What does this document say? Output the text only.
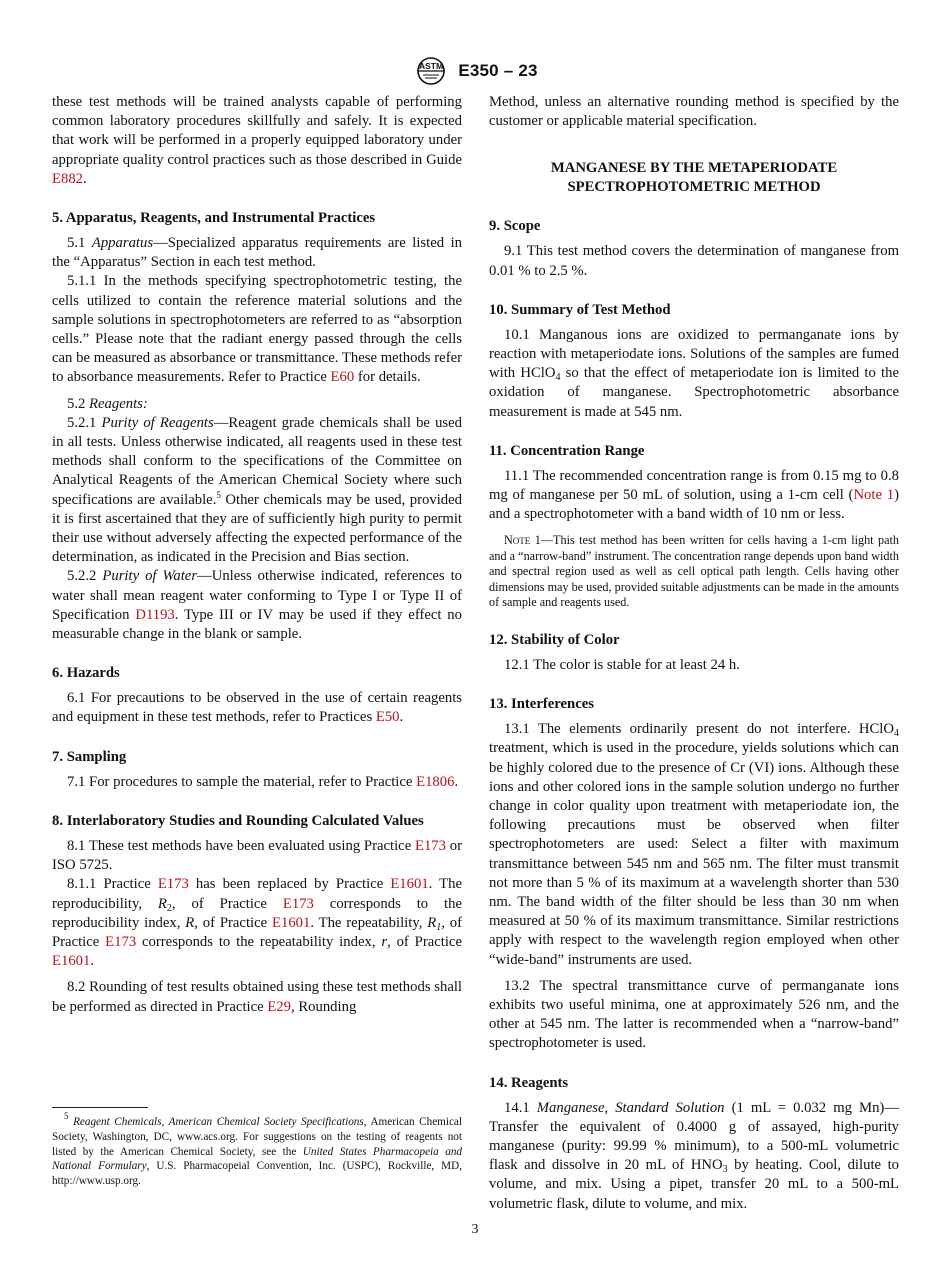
ASTM E350 – 23

these test methods will be trained analysts capable of performing common laboratory procedures skillfully and safely. It is expected that work will be performed in a properly equipped laboratory under appropriate quality control practices such as those described in Guide E882.

5. Apparatus, Reagents, and Instrumental Practices

5.1 Apparatus—Specialized apparatus requirements are listed in the “Apparatus” Section in each test method.

5.1.1 In the methods specifying spectrophotometric testing, the cells utilized to contain the reference material solutions and the sample solutions in spectrophotometers are referred to as “absorption cells.” Please note that the radiant energy passed through the cells can be measured as absorbance or transmittance. These methods refer to absorbance measurements. Refer to Practice E60 for details.

5.2 Reagents:

5.2.1 Purity of Reagents—Reagent grade chemicals shall be used in all tests. Unless otherwise indicated, all reagents used in these test methods shall conform to the specifications of the Committee on Analytical Reagents of the American Chemical Society where such specifications are available.$^5$ Other chemicals may be used, provided it is first ascertained that they are of sufficiently high purity to permit their use without adversely affecting the expected performance of the determination, as indicated in the Precision and Bias section.

5.2.2 Purity of Water—Unless otherwise indicated, references to water shall mean reagent water conforming to Type I or Type II of Specification D1193. Type III or IV may be used if they effect no measurable change in the blank or sample.

6. Hazards

6.1 For precautions to be observed in the use of certain reagents and equipment in these test methods, refer to Practices E50.

7. Sampling

7.1 For procedures to sample the material, refer to Practice E1806.

8. Interlaboratory Studies and Rounding Calculated Values

8.1 These test methods have been evaluated using Practice E173 or ISO 5725.

8.1.1 Practice E173 has been replaced by Practice E1601. The reproducibility, $R_2$, of Practice E173 corresponds to the reproducibility index, R, of Practice E1601. The repeatability, $R_1$, of Practice E173 corresponds to the repeatability index, r, of Practice E1601.

8.2 Rounding of test results obtained using these test methods shall be performed as directed in Practice E29, Rounding

Method, unless an alternative rounding method is specified by the customer or applicable material specification.

MANGANESE BY THE METAPERIODATE
SPECTROPHOTOMETRIC METHOD
9. Scope

9.1 This test method covers the determination of manganese from 0.01 % to 2.5 %.

10. Summary of Test Method

10.1 Manganous ions are oxidized to permanganate ions by reaction with metaperiodate ions. Solutions of the samples are fumed with HClO$_4$ so that the effect of metaperiodate ion is limited to the oxidation of manganese. Spectrophotometric absorbance measurement is made at 545 nm.

11. Concentration Range

11.1 The recommended concentration range is from 0.15 mg to 0.8 mg of manganese per 50 mL of solution, using a 1-cm cell (Note 1) and a spectrophotometer with a band width of 10 nm or less.

Note 1—This test method has been written for cells having a 1-cm light path and a “narrow-band” instrument. The concentration range depends upon band width and spectral region used as well as cell optical path length. Cells having other dimensions may be used, provided suitable adjustments can be made in the amounts of sample and reagents used.

12. Stability of Color

12.1 The color is stable for at least 24 h.

13. Interferences

13.1 The elements ordinarily present do not interfere. HClO$_4$ treatment, which is used in the procedure, yields solutions which can be highly colored due to the presence of Cr (VI) ions. Although these ions and other colored ions in the sample solution undergo no further change in color quality upon treatment with metaperiodate ion, the following precautions must be observed when filter spectrophotometers are used: Select a filter with maximum transmittance between 545 nm and 565 nm. The filter must transmit not more than 5 % of its maximum at a wavelength shorter than 530 nm. The band width of the filter should be less than 30 nm when measured at 50 % of its maximum transmittance. Similar restrictions apply with respect to the wavelength region employed when other “wide-band” instruments are used.

13.2 The spectral transmittance curve of permanganate ions exhibits two useful minima, one at approximately 526 nm, and the other at 545 nm. The latter is recommended when a “narrow-band” spectrophotometer is used.

14. Reagents

14.1 Manganese, Standard Solution (1 mL = 0.032 mg Mn)—Transfer the equivalent of 0.4000 g of assayed, high-purity manganese (purity: 99.99 % minimum), to a 500-mL volumetric flask and dissolve in 20 mL of $HNO_3$ by heating. Cool, dilute to volume, and mix. Using a pipet, transfer 20 mL to a 500-mL volumetric flask, dilute to volume, and mix.

$^5$ Reagent Chemicals, American Chemical Society Specifications, American Chemical Society, Washington, DC, www.acs.org. For suggestions on the testing of reagents not listed by the American Chemical Society, see the United States Pharmacopeia and National Formulary, U.S. Pharmacopeial Convention, Inc. (USPC), Rockville, MD, http://www.usp.org.
3
